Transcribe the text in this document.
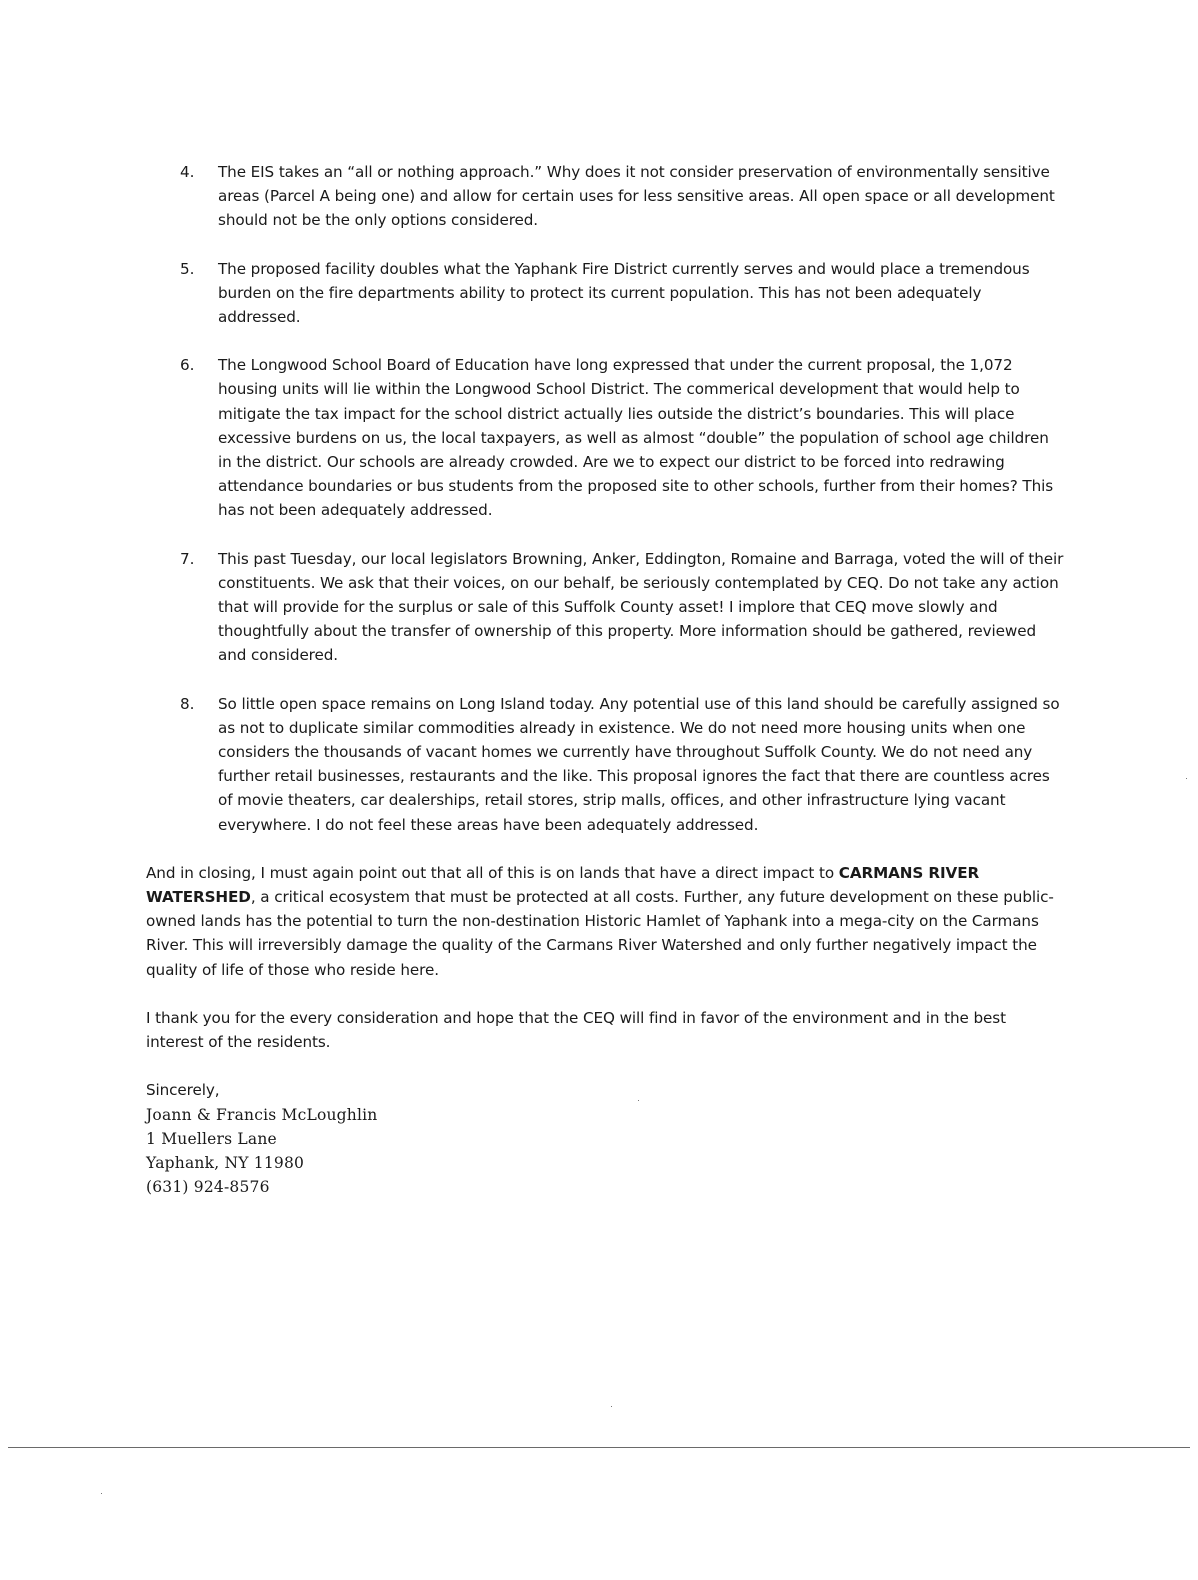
4. The EIS takes an “all or nothing approach.” Why does it not consider preservation of environmentally sensitive areas (Parcel A being one) and allow for certain uses for less sensitive areas. All open space or all development should not be the only options considered.
5. The proposed facility doubles what the Yaphank Fire District currently serves and would place a tremendous burden on the fire departments ability to protect its current population. This has not been adequately addressed.
6. The Longwood School Board of Education have long expressed that under the current proposal, the 1,072 housing units will lie within the Longwood School District. The commerical development that would help to mitigate the tax impact for the school district actually lies outside the district’s boundaries. This will place excessive burdens on us, the local taxpayers, as well as almost “double” the population of school age children in the district. Our schools are already crowded. Are we to expect our district to be forced into redrawing attendance boundaries or bus students from the proposed site to other schools, further from their homes? This has not been adequately addressed.
7. This past Tuesday, our local legislators Browning, Anker, Eddington, Romaine and Barraga, voted the will of their constituents. We ask that their voices, on our behalf, be seriously contemplated by CEQ. Do not take any action that will provide for the surplus or sale of this Suffolk County asset! I implore that CEQ move slowly and thoughtfully about the transfer of ownership of this property. More information should be gathered, reviewed and considered.
8. So little open space remains on Long Island today. Any potential use of this land should be carefully assigned so as not to duplicate similar commodities already in existence. We do not need more housing units when one considers the thousands of vacant homes we currently have throughout Suffolk County. We do not need any further retail businesses, restaurants and the like. This proposal ignores the fact that there are countless acres of movie theaters, car dealerships, retail stores, strip malls, offices, and other infrastructure lying vacant everywhere. I do not feel these areas have been adequately addressed.

And in closing, I must again point out that all of this is on lands that have a direct impact to CARMANS RIVER WATERSHED, a critical ecosystem that must be protected at all costs. Further, any future development on these public-owned lands has the potential to turn the non-destination Historic Hamlet of Yaphank into a mega-city on the Carmans River. This will irreversibly damage the quality of the Carmans River Watershed and only further negatively impact the quality of life of those who reside here.

I thank you for the every consideration and hope that the CEQ will find in favor of the environment and in the best interest of the residents.

Sincerely,
Joann & Francis McLoughlin
1 Muellers Lane
Yaphank, NY 11980
(631) 924-8576
